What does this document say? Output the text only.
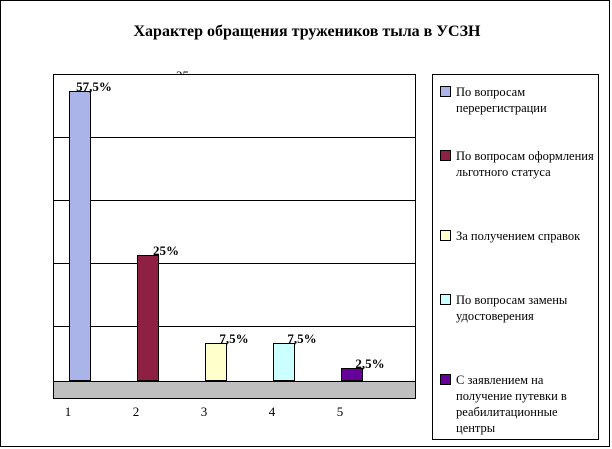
Характер обращения тружеников тыла в УСЗН
1	2	3	4	5
57,5%
25%
7,5%	7,5%
2,5%
По вопросам перерегистрации
По вопросам оформления льготного статуса
За получением справок
По вопросам замены удостоверения
С заявлением на получение путевки в реабилитационные центры
